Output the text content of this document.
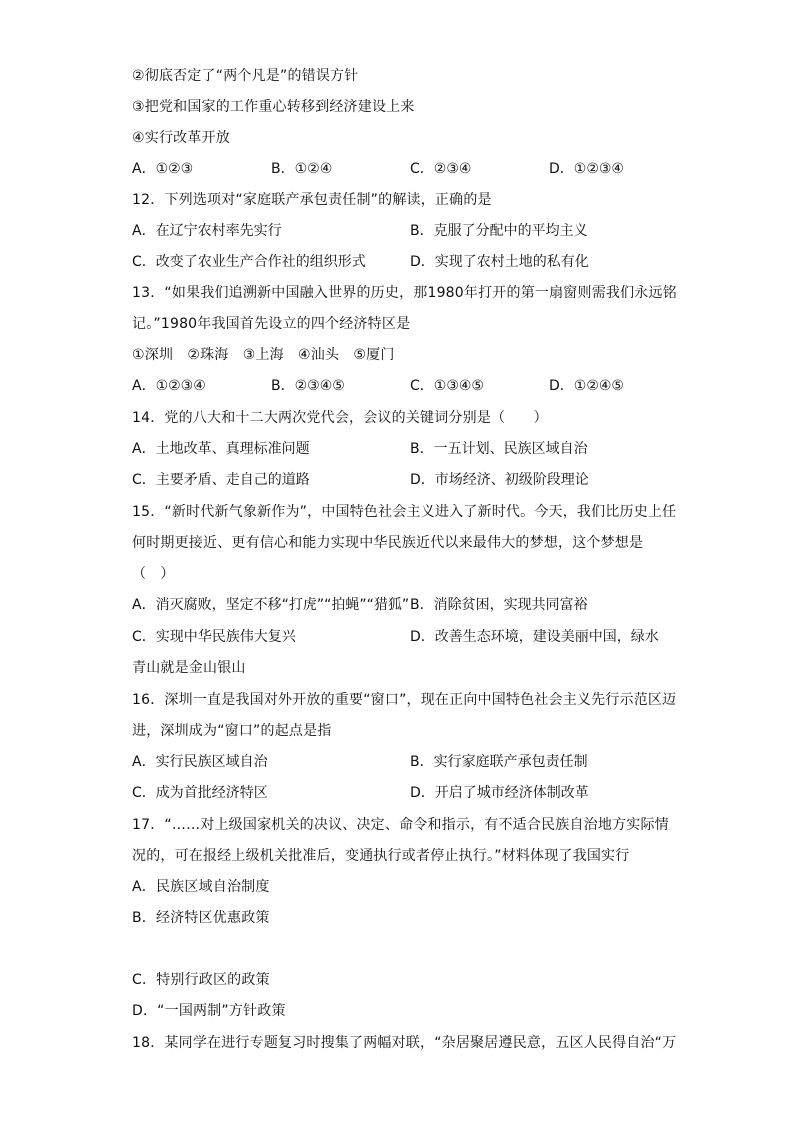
②彻底否定了“两个凡是”的错误方针
③把党和国家的工作重心转移到经济建设上来
④实行改革开放
A．①②③	B．①②④	C．②③④	D．①②③④
12．下列选项对“家庭联产承包责任制”的解读，正确的是
A．在辽宁农村率先实行	B．克服了分配中的平均主义
C．改变了农业生产合作社的组织形式	D．实现了农村土地的私有化
13．“如果我们追溯新中国融入世界的历史，那1980年打开的第一扇窗则需我们永远铭
记。”1980年我国首先设立的四个经济特区是
①深圳　②珠海　③上海　④汕头　⑤厦门
A．①②③④	B．②③④⑤	C．①③④⑤	D．①②④⑤
14．党的八大和十二大两次党代会，会议的关键词分别是（　　）
A．土地改革、真理标准问题	B．一五计划、民族区域自治
C．主要矛盾、走自己的道路	D．市场经济、初级阶段理论
15．“新时代新气象新作为”，中国特色社会主义进入了新时代。今天，我们比历史上任
何时期更接近、更有信心和能力实现中华民族近代以来最伟大的梦想，这个梦想是
（　）
A．消灭腐败，坚定不移“打虎”“拍蝇”“猎狐” B．消除贫困，实现共同富裕
C．实现中华民族伟大复兴	D．改善生态环境，建设美丽中国，绿水
青山就是金山银山
16．深圳一直是我国对外开放的重要“窗口”，现在正向中国特色社会主义先行示范区迈
进，深圳成为“窗口”的起点是指
A．实行民族区域自治	B．实行家庭联产承包责任制
C．成为首批经济特区	D．开启了城市经济体制改革
17．“……对上级国家机关的决议、决定、命令和指示，有不适合民族自治地方实际情
况的，可在报经上级机关批准后，变通执行或者停止执行。”材料体现了我国实行
A．民族区域自治制度
B．经济特区优惠政策
C．特别行政区的政策
D．“一国两制”方针政策
18．某同学在进行专题复习时搜集了两幅对联，“杂居聚居遵民意，五区人民得自治“万
